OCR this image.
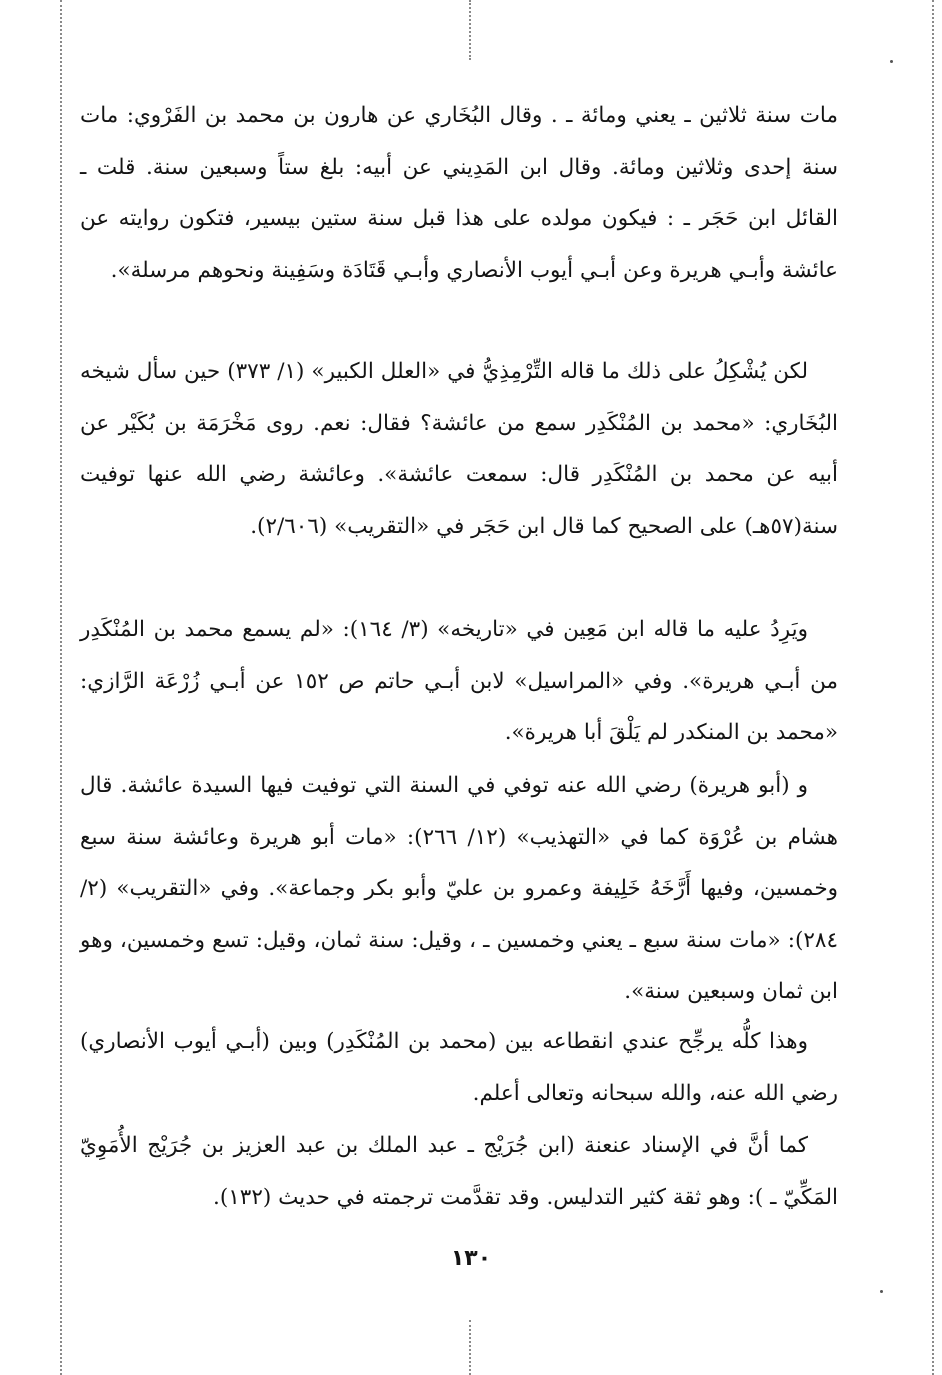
مات سنة ثلاثين ـ يعني ومائة ـ . وقال البُخَاري عن هارون بن محمد بن الفَرْوي: مات سنة إحدى وثلاثين ومائة. وقال ابن المَدِيني عن أبيه: بلغ ستاً وسبعين سنة. قلت ـ القائل ابن حَجَر ـ : فيكون مولده على هذا قبل سنة ستين بيسير، فتكون روايته عن عائشة وأبـي هريرة وعن أبـي أيوب الأنصاري وأبـي قَتَادَة وسَفِينة ونحوهم مرسلة».

لكن يُشْكِلُ على ذلك ما قاله التِّرْمِذِيُّ في «العلل الكبير» (١/ ٣٧٣) حين سأل شيخه البُخَاري: «محمد بن المُنْكَدِر سمع من عائشة؟ فقال: نعم. روى مَخْرَمَة بن بُكَيْر عن أبيه عن محمد بن المُنْكَدِر قال: سمعت عائشة». وعائشة رضي الله عنها توفيت سنة(٥٧هـ) على الصحيح كما قال ابن حَجَر في «التقريب» (٢/٦٠٦).

ويَرِدُ عليه ما قاله ابن مَعِين في «تاريخه» (٣/ ١٦٤): «لم يسمع محمد بن المُنْكَدِر من أبـي هريرة». وفي «المراسيل» لابن أبـي حاتم ص ١٥٢ عن أبـي زُرْعَة الرَّازي: «محمد بن المنكدر لم يَلْقَ أبا هريرة».

و (أبو هريرة) رضي الله عنه توفي في السنة التي توفيت فيها السيدة عائشة. قال هشام بن عُرْوَة كما في «التهذيب» (١٢/ ٢٦٦): «مات أبو هريرة وعائشة سنة سبع وخمسين، وفيها أَرَّخَهُ خَلِيفة وعمرو بن عليّ وأبو بكر وجماعة». وفي «التقريب» (٢/ ٢٨٤): «مات سنة سبع ـ يعني وخمسين ـ ، وقيل: سنة ثمان، وقيل: تسع وخمسين، وهو ابن ثمان وسبعين سنة».

وهذا كلُّه يرجِّح عندي انقطاعه بين (محمد بن المُنْكَدِر) وبين (أبـي أيوب الأنصاري) رضي الله عنه، والله سبحانه وتعالى أعلم.

كما أنَّ في الإسناد عنعنة (ابن جُرَيْج ـ عبد الملك بن عبد العزيز بن جُرَيْج الأُمَوِيّ المَكِّيّ ـ ): وهو ثقة كثير التدليس. وقد تقدَّمت ترجمته في حديث (١٣٢).

١٣٠
